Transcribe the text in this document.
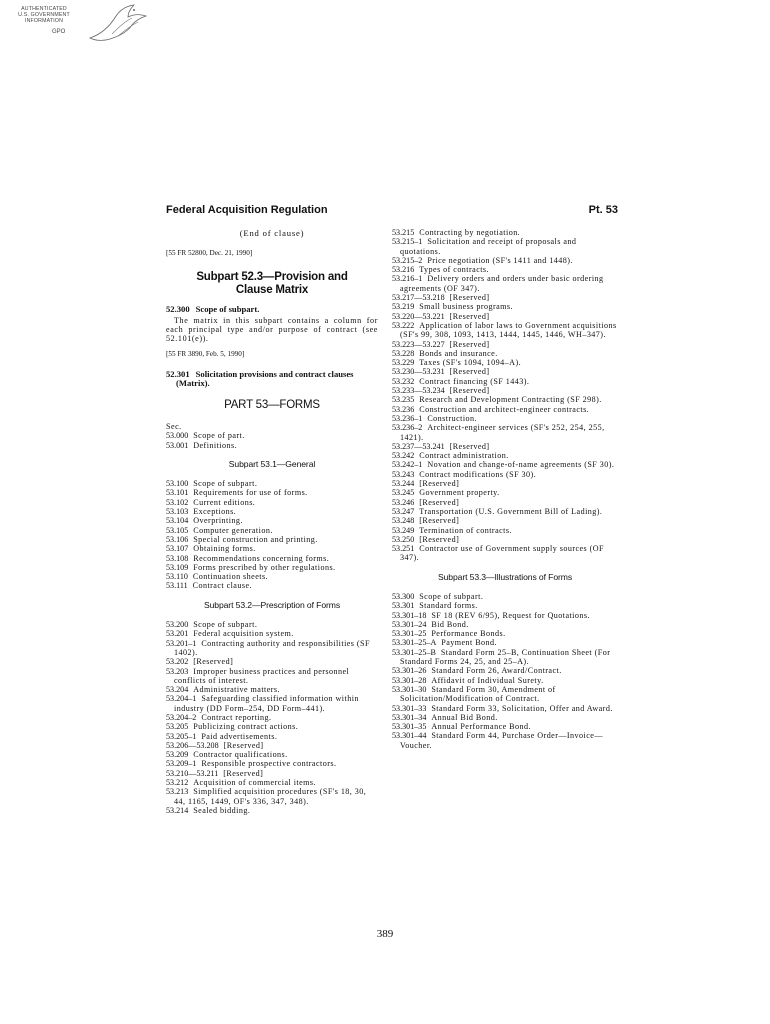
AUTHENTICATED
U.S. GOVERNMENT
INFORMATION
GPO
Federal Acquisition Regulation	Pt. 53
(End of clause)
[55 FR 52800, Dec. 21, 1990]
Subpart 52.3—Provision and
Clause Matrix
52.300 Scope of subpart.
The matrix in this subpart contains a column for each principal type and/or purpose of contract (see 52.101(e)).
[55 FR 3890, Feb. 5, 1990]
52.301 Solicitation provisions and contract clauses (Matrix).
PART 53—FORMS
Sec.
53.000 Scope of part.
53.001 Definitions.
Subpart 53.1—General
53.100 Scope of subpart.
53.101 Requirements for use of forms.
53.102 Current editions.
53.103 Exceptions.
53.104 Overprinting.
53.105 Computer generation.
53.106 Special construction and printing.
53.107 Obtaining forms.
53.108 Recommendations concerning forms.
53.109 Forms prescribed by other regulations.
53.110 Continuation sheets.
53.111 Contract clause.
Subpart 53.2—Prescription of Forms
53.200 Scope of subpart.
53.201 Federal acquisition system.
53.201–1 Contracting authority and responsibilities (SF 1402).
53.202 [Reserved]
53.203 Improper business practices and personnel conflicts of interest.
53.204 Administrative matters.
53.204–1 Safeguarding classified information within industry (DD Form–254, DD Form–441).
53.204–2 Contract reporting.
53.205 Publicizing contract actions.
53.205–1 Paid advertisements.
53.206—53.208 [Reserved]
53.209 Contractor qualifications.
53.209–1 Responsible prospective contractors.
53.210—53.211 [Reserved]
53.212 Acquisition of commercial items.
53.213 Simplified acquisition procedures (SF's 18, 30, 44, 1165, 1449, OF's 336, 347, 348).
53.214 Sealed bidding.
53.215 Contracting by negotiation.
53.215–1 Solicitation and receipt of proposals and quotations.
53.215–2 Price negotiation (SF's 1411 and 1448).
53.216 Types of contracts.
53.216–1 Delivery orders and orders under basic ordering agreements (OF 347).
53.217—53.218 [Reserved]
53.219 Small business programs.
53.220—53.221 [Reserved]
53.222 Application of labor laws to Government acquisitions (SF's 99, 308, 1093, 1413, 1444, 1445, 1446, WH–347).
53.223—53.227 [Reserved]
53.228 Bonds and insurance.
53.229 Taxes (SF's 1094, 1094–A).
53.230—53.231 [Reserved]
53.232 Contract financing (SF 1443).
53.233—53.234 [Reserved]
53.235 Research and Development Contracting (SF 298).
53.236 Construction and architect-engineer contracts.
53.236–1 Construction.
53.236–2 Architect-engineer services (SF's 252, 254, 255, 1421).
53.237—53.241 [Reserved]
53.242 Contract administration.
53.242–1 Novation and change-of-name agreements (SF 30).
53.243 Contract modifications (SF 30).
53.244 [Reserved]
53.245 Government property.
53.246 [Reserved]
53.247 Transportation (U.S. Government Bill of Lading).
53.248 [Reserved]
53.249 Termination of contracts.
53.250 [Reserved]
53.251 Contractor use of Government supply sources (OF 347).
Subpart 53.3—Illustrations of Forms
53.300 Scope of subpart.
53.301 Standard forms.
53.301–18 SF 18 (REV 6/95), Request for Quotations.
53.301–24 Bid Bond.
53.301–25 Performance Bonds.
53.301–25–A Payment Bond.
53.301–25–B Standard Form 25–B, Continuation Sheet (For Standard Forms 24, 25, and 25–A).
53.301–26 Standard Form 26, Award/Contract.
53.301–28 Affidavit of Individual Surety.
53.301–30 Standard Form 30, Amendment of Solicitation/Modification of Contract.
53.301–33 Standard Form 33, Solicitation, Offer and Award.
53.301–34 Annual Bid Bond.
53.301–35 Annual Performance Bond.
53.301–44 Standard Form 44, Purchase Order—Invoice—Voucher.
389
